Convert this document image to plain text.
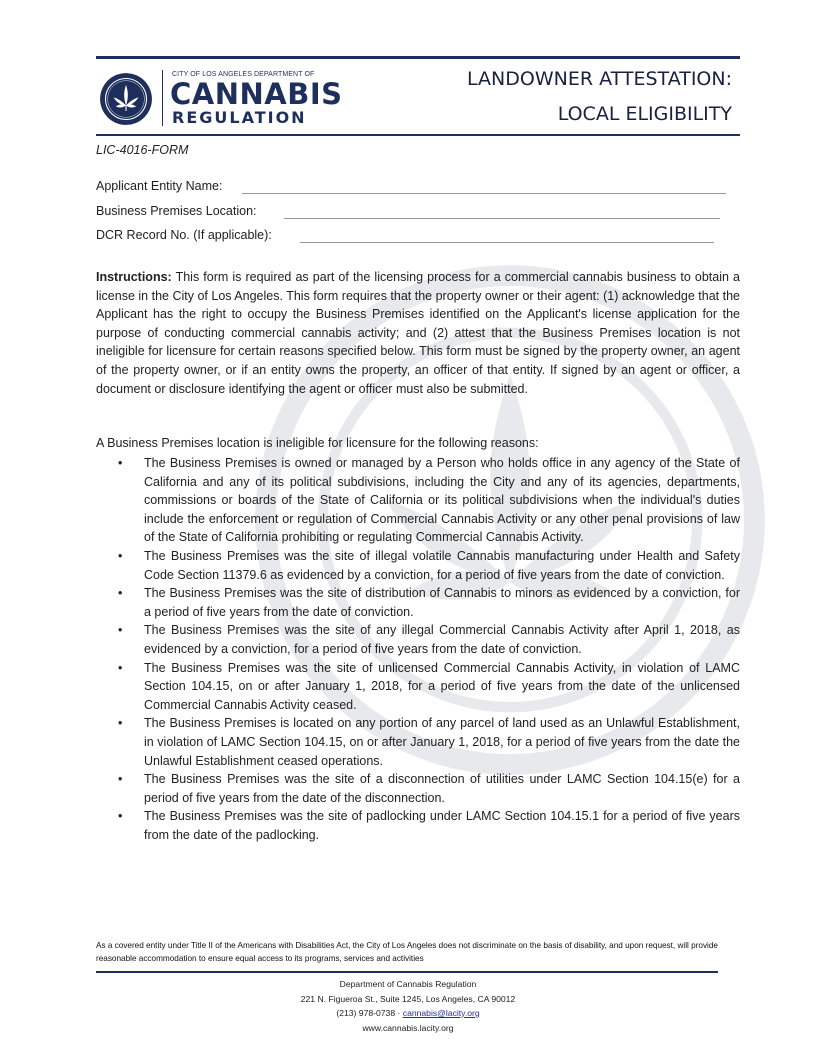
CITY OF LOS ANGELES DEPARTMENT OF
CANNABIS
REGULATION
LANDOWNER ATTESTATION:
LOCAL ELIGIBILITY
LIC-4016-FORM
Applicant Entity Name:
Business Premises Location:
DCR Record No. (If applicable):
Instructions: This form is required as part of the licensing process for a commercial cannabis business to obtain a license in the City of Los Angeles. This form requires that the property owner or their agent: (1) acknowledge that the Applicant has the right to occupy the Business Premises identified on the Applicant's license application for the purpose of conducting commercial cannabis activity; and (2) attest that the Business Premises location is not ineligible for licensure for certain reasons specified below. This form must be signed by the property owner, an agent of the property owner, or if an entity owns the property, an officer of that entity. If signed by an agent or officer, a document or disclosure identifying the agent or officer must also be submitted.
A Business Premises location is ineligible for licensure for the following reasons:
• The Business Premises is owned or managed by a Person who holds office in any agency of the State of California and any of its political subdivisions, including the City and any of its agencies, departments, commissions or boards of the State of California or its political subdivisions when the individual's duties include the enforcement or regulation of Commercial Cannabis Activity or any other penal provisions of law of the State of California prohibiting or regulating Commercial Cannabis Activity.
• The Business Premises was the site of illegal volatile Cannabis manufacturing under Health and Safety Code Section 11379.6 as evidenced by a conviction, for a period of five years from the date of conviction.
• The Business Premises was the site of distribution of Cannabis to minors as evidenced by a conviction, for a period of five years from the date of conviction.
• The Business Premises was the site of any illegal Commercial Cannabis Activity after April 1, 2018, as evidenced by a conviction, for a period of five years from the date of conviction.
• The Business Premises was the site of unlicensed Commercial Cannabis Activity, in violation of LAMC Section 104.15, on or after January 1, 2018, for a period of five years from the date of the unlicensed Commercial Cannabis Activity ceased.
• The Business Premises is located on any portion of any parcel of land used as an Unlawful Establishment, in violation of LAMC Section 104.15, on or after January 1, 2018, for a period of five years from the date the Unlawful Establishment ceased operations.
• The Business Premises was the site of a disconnection of utilities under LAMC Section 104.15(e) for a period of five years from the date of the disconnection.
• The Business Premises was the site of padlocking under LAMC Section 104.15.1 for a period of five years from the date of the padlocking.
As a covered entity under Title II of the Americans with Disabilities Act, the City of Los Angeles does not discriminate on the basis of disability, and upon request, will provide reasonable accommodation to ensure equal access to its programs, services and activities
Department of Cannabis Regulation
221 N. Figueroa St., Suite 1245, Los Angeles, CA 90012
(213) 978-0738 · cannabis@lacity.org
www.cannabis.lacity.org
